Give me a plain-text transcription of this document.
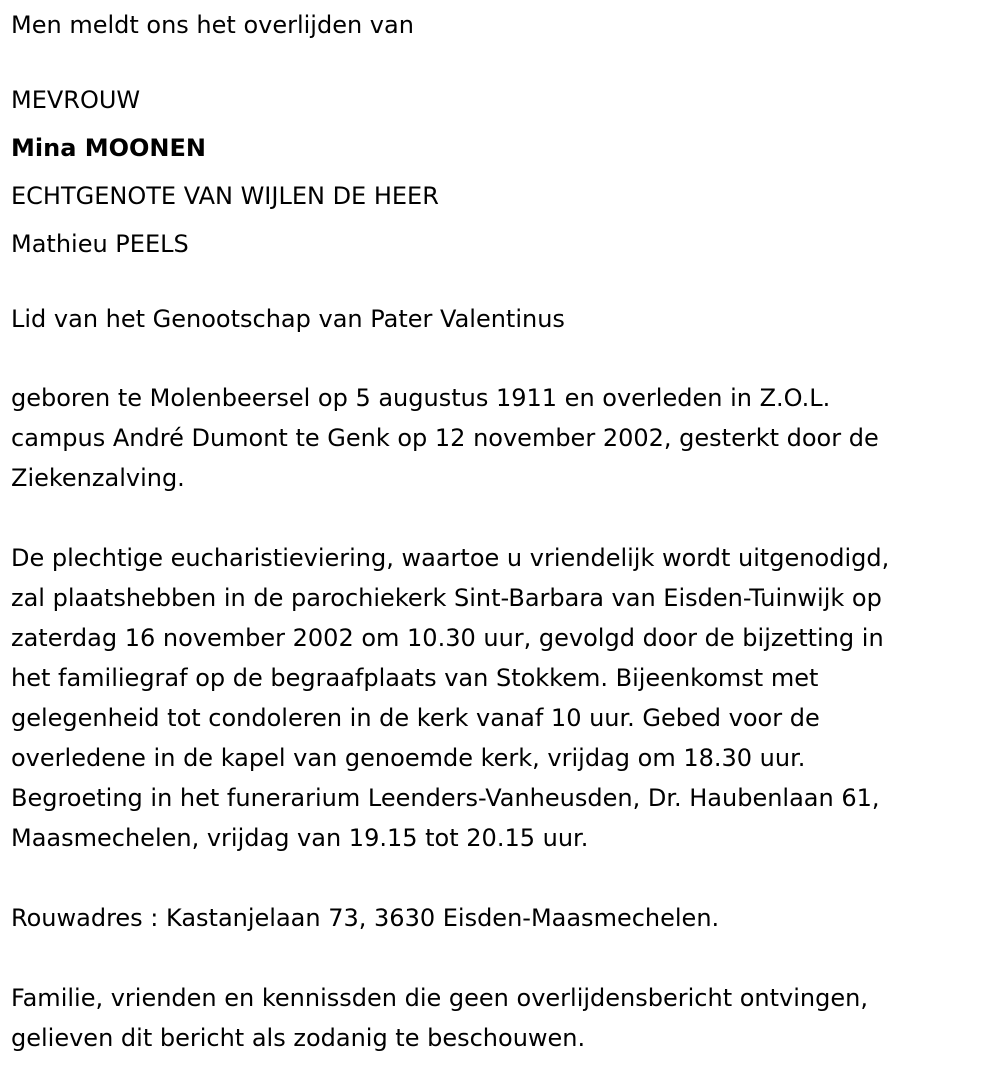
Men meldt ons het overlijden van
MEVROUW
Mina MOONEN
ECHTGENOTE VAN WIJLEN DE HEER
Mathieu PEELS
Lid van het Genootschap van Pater Valentinus
geboren te Molenbeersel op 5 augustus 1911 en overleden in Z.O.L.
campus André Dumont te Genk op 12 november 2002, gesterkt door de
Ziekenzalving.
De plechtige eucharistieviering, waartoe u vriendelijk wordt uitgenodigd,
zal plaatshebben in de parochiekerk Sint-Barbara van Eisden-Tuinwijk op
zaterdag 16 november 2002 om 10.30 uur, gevolgd door de bijzetting in
het familiegraf op de begraafplaats van Stokkem. Bijeenkomst met
gelegenheid tot condoleren in de kerk vanaf 10 uur. Gebed voor de
overledene in de kapel van genoemde kerk, vrijdag om 18.30 uur.
Begroeting in het funerarium Leenders-Vanheusden, Dr. Haubenlaan 61,
Maasmechelen, vrijdag van 19.15 tot 20.15 uur.
Rouwadres : Kastanjelaan 73, 3630 Eisden-Maasmechelen.
Familie, vrienden en kennissden die geen overlijdensbericht ontvingen,
gelieven dit bericht als zodanig te beschouwen.
